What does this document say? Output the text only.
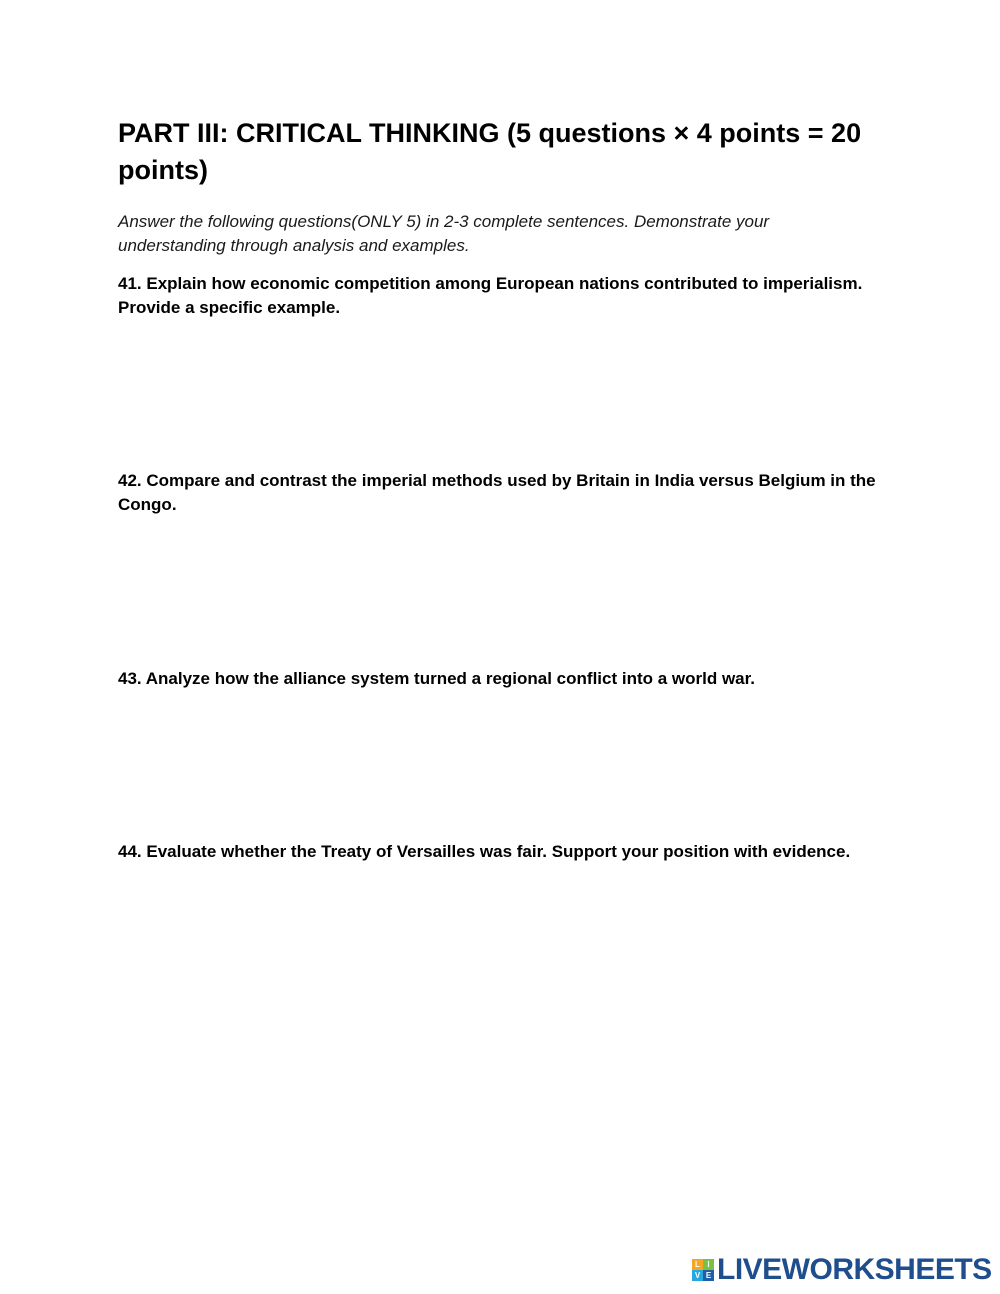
PART III: CRITICAL THINKING (5 questions × 4 points = 20 points)

Answer the following questions(ONLY 5) in 2-3 complete sentences. Demonstrate your understanding through analysis and examples.

41. Explain how economic competition among European nations contributed to imperialism. Provide a specific example.

42. Compare and contrast the imperial methods used by Britain in India versus Belgium in the Congo.

43. Analyze how the alliance system turned a regional conflict into a world war.

44. Evaluate whether the Treaty of Versailles was fair. Support your position with evidence.

L I
V E LIVEWORKSHEETS
